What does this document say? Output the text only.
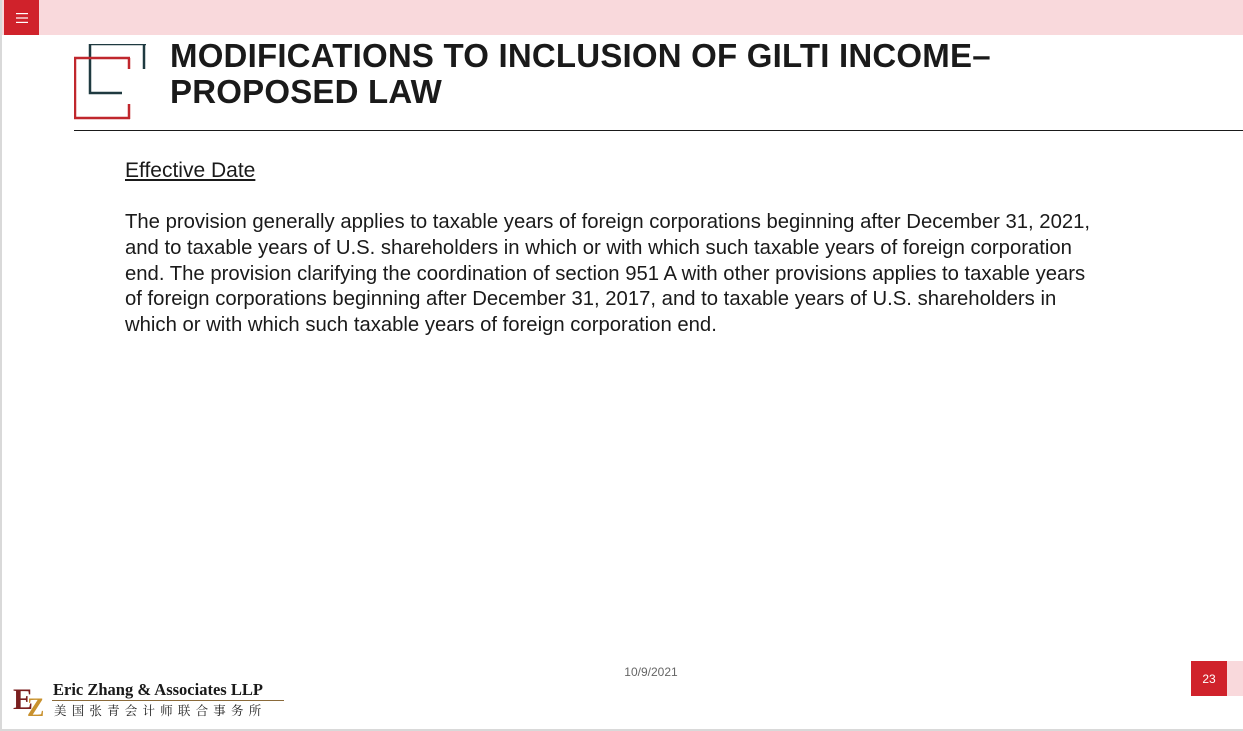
MODIFICATIONS TO INCLUSION OF GILTI INCOME–
PROPOSED LAW
Effective Date

The provision generally applies to taxable years of foreign corporations beginning after December 31, 2021, and to taxable years of U.S. shareholders in which or with which such taxable years of foreign corporation end. The provision clarifying the coordination of section 951 A with other provisions applies to taxable years of foreign corporations beginning after December 31, 2017, and to taxable years of U.S. shareholders in which or with which such taxable years of foreign corporation end.

10/9/2021	23
E
Z
Eric Zhang & Associates LLP
美国张青会计师联合事务所
